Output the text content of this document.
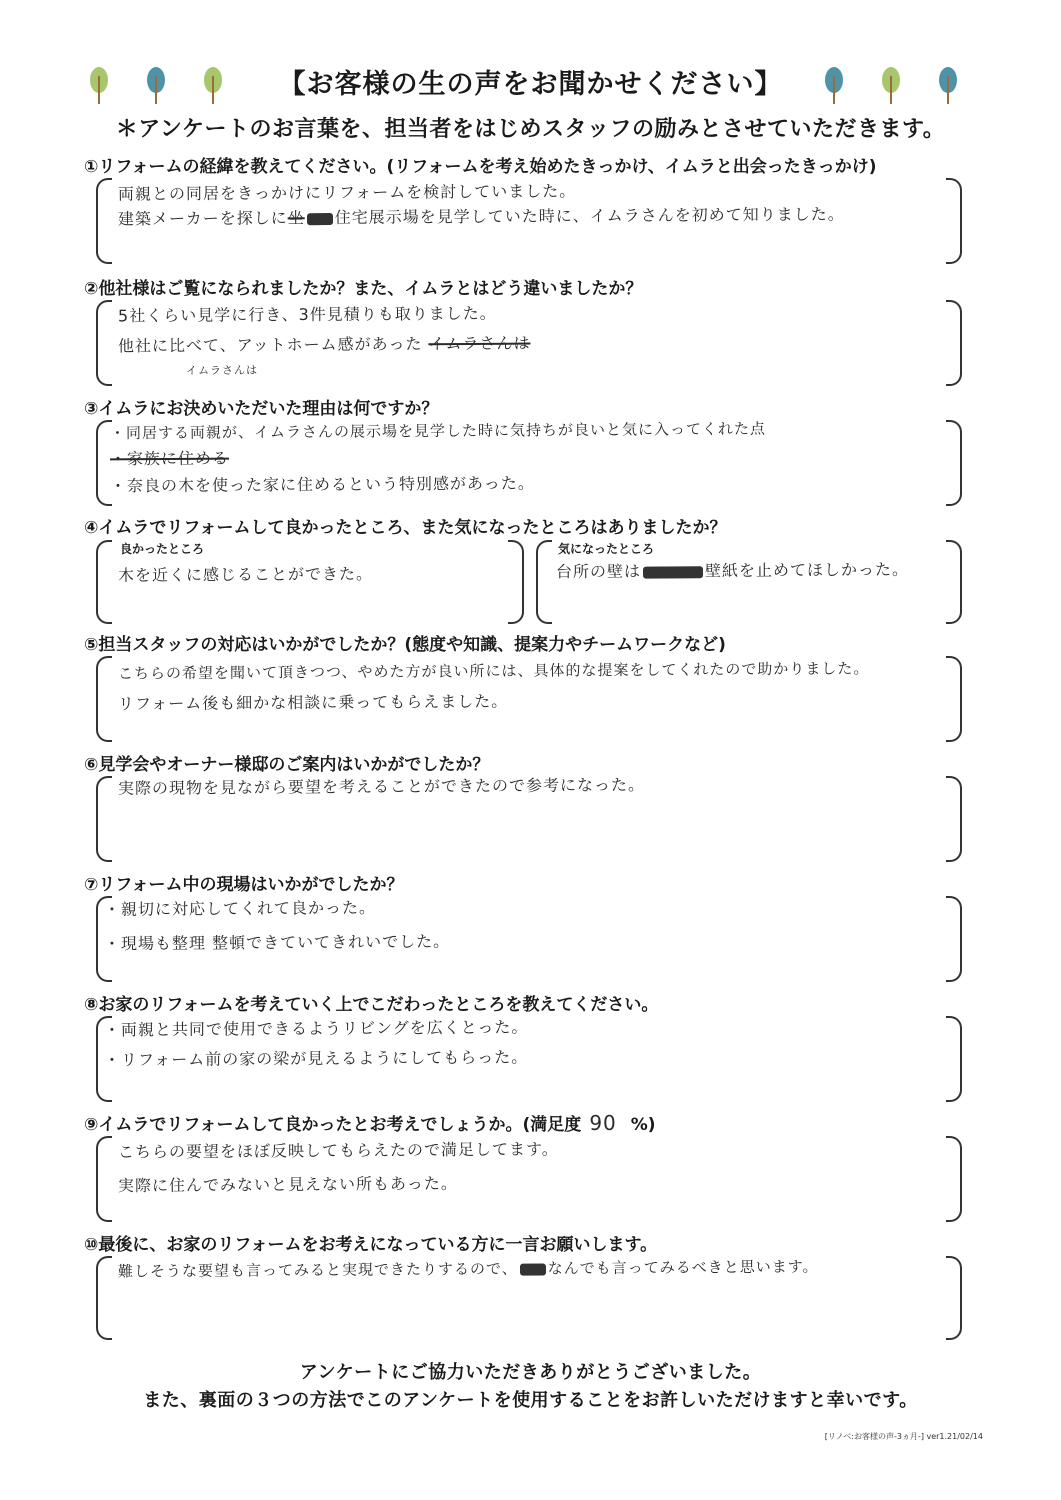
【お客様の生の声をお聞かせください】
＊アンケートのお言葉を、担当者をはじめスタッフの励みとさせていただきます。
①リフォームの経緯を教えてください。(リフォームを考え始めたきっかけ、イムラと出会ったきっかけ)
両親との同居をきっかけにリフォームを検討していました。
建築メーカーを探しに坐 住宅展示場を見学していた時に、イムラさんを初めて知りました。
②他社様はご覧になられましたか？また、イムラとはどう違いましたか？
5社くらい見学に行き、3件見積りも取りました。
他社に比べて、アットホーム感があった イムラさんは
イムラさんは
③イムラにお決めいただいた理由は何ですか？
・同居する両親が、イムラさんの展示場を見学した時に気持ちが良いと気に入ってくれた点
・家族に住める
・奈良の木を使った家に住めるという特別感があった。
④イムラでリフォームして良かったところ、また気になったところはありましたか？
良かったところ
木を近くに感じることができた。
気になったところ
台所の壁は	壁紙を止めてほしかった。
⑤担当スタッフの対応はいかがでしたか？(態度や知識、提案力やチームワークなど)
こちらの希望を聞いて頂きつつ、やめた方が良い所には、具体的な提案をしてくれたので助かりました。
リフォーム後も細かな相談に乗ってもらえました。
⑥見学会やオーナー様邸のご案内はいかがでしたか？
実際の現物を見ながら要望を考えることができたので参考になった。
⑦リフォーム中の現場はいかがでしたか？
・親切に対応してくれて良かった。
・現場も整理 整頓できていてきれいでした。
⑧お家のリフォームを考えていく上でこだわったところを教えてください。
・両親と共同で使用できるようリビングを広くとった。
・リフォーム前の家の梁が見えるようにしてもらった。
⑨イムラでリフォームして良かったとお考えでしょうか。(満足度 90 %)
こちらの要望をほぼ反映してもらえたので満足してます。
実際に住んでみないと見えない所もあった。
⑩最後に、お家のリフォームをお考えになっている方に一言お願いします。
難しそうな要望も言ってみると実現できたりするので、 なんでも言ってみるべきと思います。
アンケートにご協力いただきありがとうございました。
また、裏面の３つの方法でこのアンケートを使用することをお許しいただけますと幸いです。
[リノベ:お客様の声-3ヵ月-] ver1.21/02/14
